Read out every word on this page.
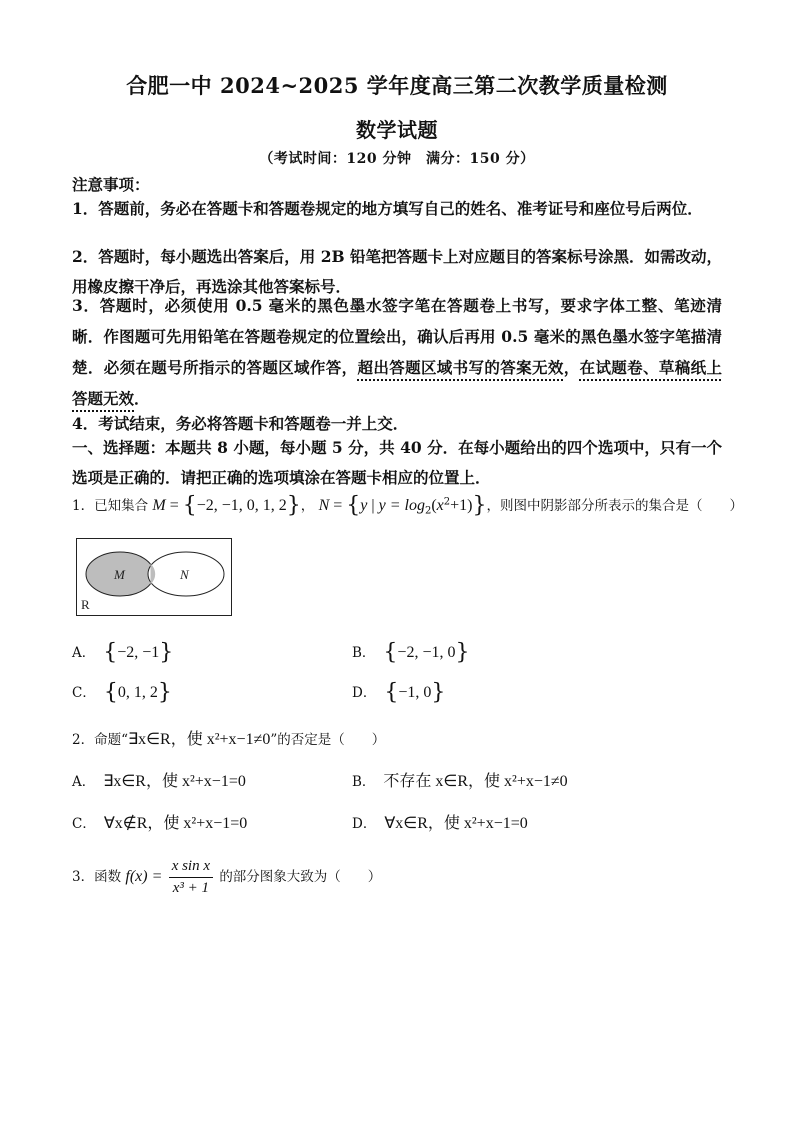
合肥一中 2024~2025 学年度高三第二次教学质量检测
数学试题
（考试时间：120 分钟　满分：150 分）
注意事项：
1．答题前，务必在答题卡和答题卷规定的地方填写自己的姓名、准考证号和座位号后两位．
2．答题时，每小题选出答案后，用 2B 铅笔把答题卡上对应题目的答案标号涂黑．如需改动，用橡皮擦干净后，再选涂其他答案标号．
3．答题时，必须使用 0.5 毫米的黑色墨水签字笔在答题卷上书写，要求字体工整、笔迹清晰．作图题可先用铅笔在答题卷规定的位置绘出，确认后再用 0.5 毫米的黑色墨水签字笔描清楚．必须在题号所指示的答题区域作答，超出答题区域书写的答案无效，在试题卷、草稿纸上答题无效．
4．考试结束，务必将答题卡和答题卷一并上交．
一、选择题：本题共 8 小题，每小题 5 分，共 40 分．在每小题给出的四个选项中，只有一个选项是正确的．请把正确的选项填涂在答题卡相应的位置上．
1．已知集合 M = {−2, −1, 0, 1, 2}， N = {y | $y = \log_2(x^2+1)$}，则图中阴影部分所表示的集合是（　　）
M	N
R
A． {−2, −1}	B． {−2, −1, 0}
C． {0, 1, 2}	D． {−1, 0}
2．命题“∃x∈R，使 x²+x−1≠0”的否定是（　　）
A． ∃x∈R，使 x²+x−1=0	B． 不存在 x∈R，使 x²+x−1≠0
C． ∀x∉R，使 x²+x−1=0	D． ∀x∈R，使 x²+x−1=0
3．函数 $f(x) = \frac{\text{x sin x}}{\text{x³ + 1}}$ 的部分图象大致为（　　）
